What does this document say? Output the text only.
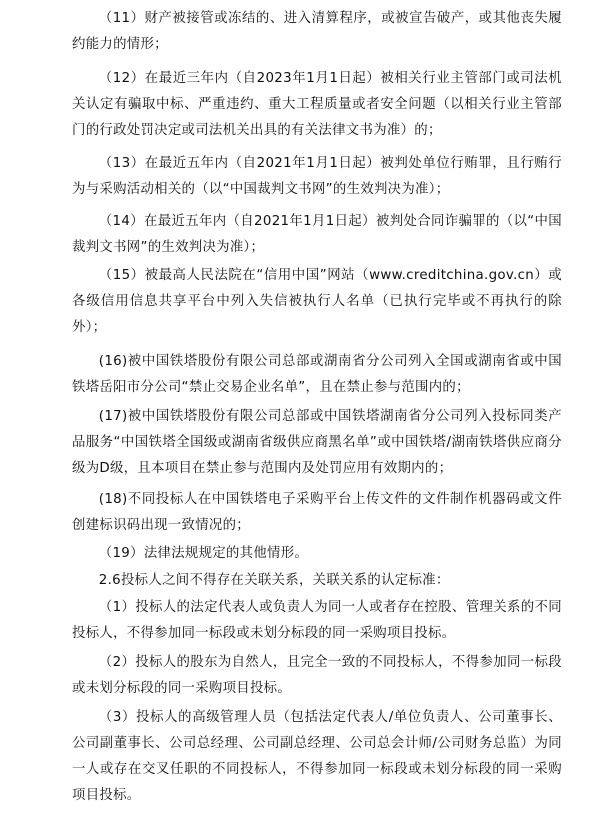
（11）财产被接管或冻结的、进入清算程序，或被宣告破产，或其他丧失履约能力的情形；

（12）在最近三年内（自2023年1月1日起）被相关行业主管部门或司法机关认定有骗取中标、严重违约、重大工程质量或者安全问题（以相关行业主管部门的行政处罚决定或司法机关出具的有关法律文书为准）的；

（13）在最近五年内（自2021年1月1日起）被判处单位行贿罪，且行贿行为与采购活动相关的（以“中国裁判文书网”的生效判决为准）；

（14）在最近五年内（自2021年1月1日起）被判处合同诈骗罪的（以“中国裁判文书网”的生效判决为准）；

（15）被最高人民法院在“信用中国”网站（www.creditchina.gov.cn）或各级信用信息共享平台中列入失信被执行人名单（已执行完毕或不再执行的除外）；

(16)被中国铁塔股份有限公司总部或湖南省分公司列入全国或湖南省或中国铁塔岳阳市分公司“禁止交易企业名单”，且在禁止参与范围内的；

(17)被中国铁塔股份有限公司总部或中国铁塔湖南省分公司列入投标同类产品服务“中国铁塔全国级或湖南省级供应商黑名单”或中国铁塔/湖南铁塔供应商分级为D级，且本项目在禁止参与范围内及处罚应用有效期内的；

(18)不同投标人在中国铁塔电子采购平台上传文件的文件制作机器码或文件创建标识码出现一致情况的；

（19）法律法规规定的其他情形。

2.6投标人之间不得存在关联关系，关联关系的认定标准：

（1）投标人的法定代表人或负责人为同一人或者存在控股、管理关系的不同投标人，不得参加同一标段或未划分标段的同一采购项目投标。

（2）投标人的股东为自然人，且完全一致的不同投标人，不得参加同一标段或未划分标段的同一采购项目投标。

（3）投标人的高级管理人员（包括法定代表人/单位负责人、公司董事长、公司副董事长、公司总经理、公司副总经理、公司总会计师/公司财务总监）为同一人或存在交叉任职的不同投标人，不得参加同一标段或未划分标段的同一采购项目投标。
